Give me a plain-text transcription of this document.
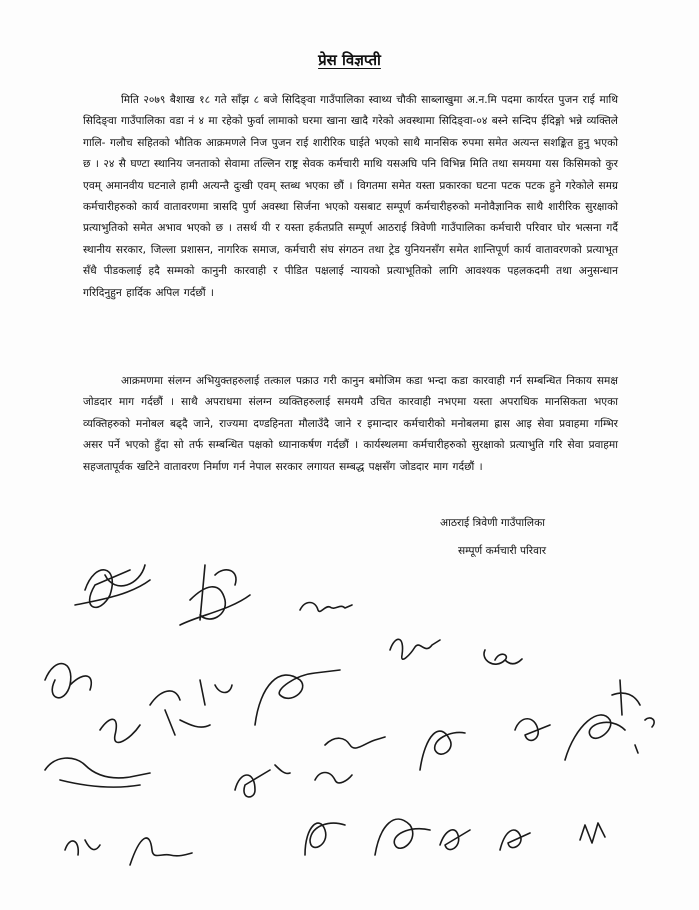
प्रेस विज्ञप्ती

मिति २०७९ बैशाख १८ गते साँझ ८ बजे सिदिङ्वा गाउँपालिका स्वाथ्य चौकी साब्लाखुमा अ.न.मि पदमा कार्यरत पुजन राई माथि सिदिङ्वा गाउँपालिका वडा नं ४ मा रहेको फुर्वा लामाको घरमा खाना खादै गरेको अवस्थामा सिदिङ्वा-०४ बस्ने सन्दिप ईदिङ्गो भन्ने व्यक्तिले गालि- गलौच सहितको भौतिक आक्रमणले निज पुजन राई शारीरिक घाईते भएको साथै मानसिक रुपमा समेत अत्यन्त सशङ्कित हुनु भएको छ । २४ सै घण्टा स्थानिय जनताको सेवामा तल्लिन राष्ट्र सेवक कर्मचारी माथि यसअघि पनि विभिन्न मिति तथा समयमा यस किसिमको कुर एवम् अमानवीय घटनाले हामी अत्यन्तै दुःखी एवम् स्तब्ध भएका छौं । विगतमा समेत यस्ता प्रकारका घटना पटक पटक हुने गरेकोले समग्र कर्मचारीहरुको कार्य वातावरणमा त्रासदि पुर्ण अवस्था सिर्जना भएको यसबाट सम्पूर्ण कर्मचारीहरुको मनोवैज्ञानिक साथै शारीरिक सुरक्षाको प्रत्याभुतिको समेत अभाव भएको छ । तसर्थ यी र यस्ता हर्कतप्रति सम्पूर्ण आठराई त्रिवेणी गाउँपालिका कर्मचारी परिवार घोर भत्सना गर्दै स्थानीय सरकार, जिल्ला प्रशासन, नागरिक समाज, कर्मचारी संघ संगठन तथा ट्रेड युनियनसँग समेत शान्तिपूर्ण कार्य वातावरणको प्रत्याभूत सँधै पीडकलाई हदै सम्मको कानुनी कारवाही र पीडित पक्षलाई न्यायको प्रत्याभूतिको लागि आवश्यक पहलकदमी तथा अनुसन्धान गरिदिनुहुन हार्दिक अपिल गर्दछौं ।

आक्रमणमा संलग्न अभियुक्तहरुलाई तत्काल पक्राउ गरी कानुन बमोजिम कडा भन्दा कडा कारवाही गर्न सम्बन्धित निकाय समक्ष जोडदार माग गर्दछौं । साथै अपराधमा संलग्न व्यक्तिहरुलाई समयमै उचित कारवाही नभएमा यस्ता अपराधिक मानसिकता भएका व्यक्तिहरुको मनोबल बढ्दै जाने, राज्यमा दण्डहिनता मौलाउँदै जाने र इमान्दार कर्मचारीको मनोबलमा ह्रास आइ सेवा प्रवाहमा गम्भिर असर पर्ने भएको हुँदा सो तर्फ सम्बन्धित पक्षको ध्यानाकर्षण गर्दछौं । कार्यस्थलमा कर्मचारीहरुको सुरक्षाको प्रत्याभुति गरि सेवा प्रवाहमा सहजतापूर्वक खटिने वातावरण निर्माण गर्न नेपाल सरकार लगायत सम्बद्ध पक्षसँग जोडदार माग गर्दछौं ।

आठराई त्रिवेणी गाउँपालिका

सम्पूर्ण कर्मचारी परिवार
